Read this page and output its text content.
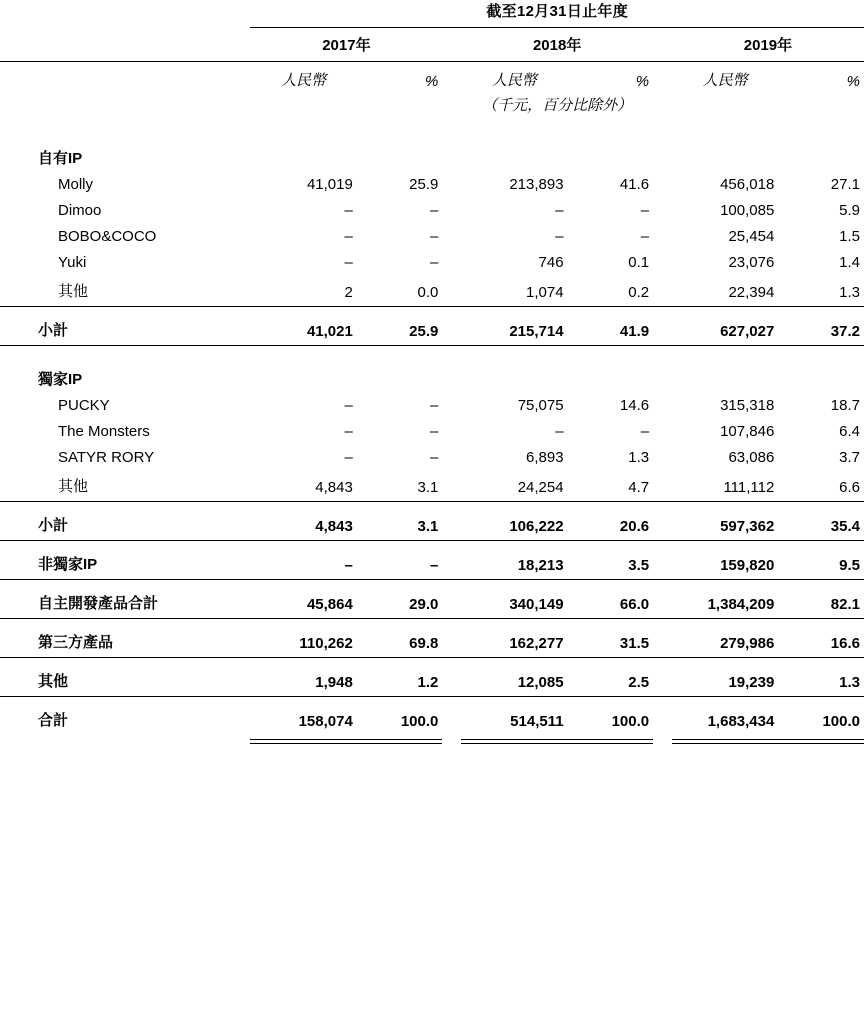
	截至12月31日止年度							

	2017年			2018年			2019年	

	人民幣	%		人民幣	%		人民幣	%
				（千元，百分比除外）				

自有IP								
Molly	41,019	25.9		213,893	41.6		456,018	27.1
Dimoo	–	–		–	–		100,085	5.9
BOBO&COCO	–	–		–	–		25,454	1.5
Yuki	–	–		746	0.1		23,076	1.4
其他	2	0.0		1,074	0.2		22,394	1.3

小計	41,021	25.9		215,714	41.9		627,027	37.2

獨家IP								
PUCKY	–	–		75,075	14.6		315,318	18.7
The Monsters	–	–		–	–		107,846	6.4
SATYR RORY	–	–		6,893	1.3		63,086	3.7
其他	4,843	3.1		24,254	4.7		111,112	6.6

小計	4,843	3.1		106,222	20.6		597,362	35.4

非獨家IP	–	–		18,213	3.5		159,820	9.5

自主開發產品合計	45,864	29.0		340,149	66.0		1,384,209	82.1

第三方產品	110,262	69.8		162,277	31.5		279,986	16.6

其他	1,948	1.2		12,085	2.5		19,239	1.3

合計	158,074	100.0		514,511	100.0		1,683,434	100.0
